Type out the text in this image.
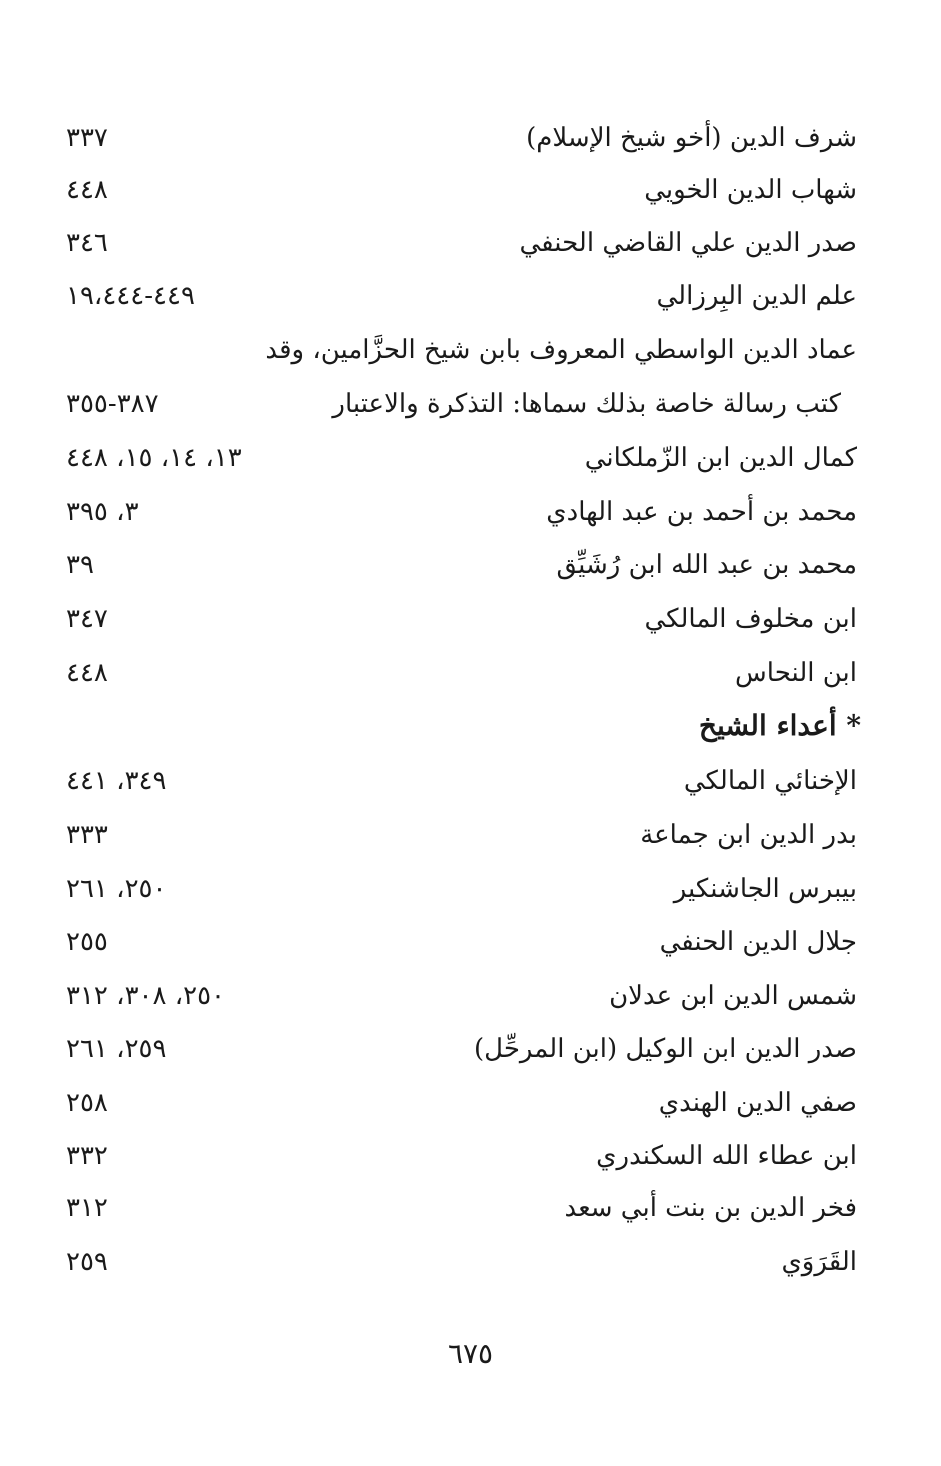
شرف الدين (أخو شيخ الإسلام)
٣٣٧
شهاب الدين الخويي
٤٤٨
صدر الدين علي القاضي الحنفي
٣٤٦
علم الدين البِرزالي
٤٤٩-١٩،٤٤٤
عماد الدين الواسطي المعروف بابن شيخ الحزَّامين، وقد
كتب رسالة خاصة بذلك سماها: التذكرة والاعتبار
٣٨٧-٣٥٥
كمال الدين ابن الزّملكاني
١٣، ١٤، ١٥، ٤٤٨
محمد بن أحمد بن عبد الهادي
٣، ٣٩٥
محمد بن عبد الله ابن رُشَيِّق
٣٩
ابن مخلوف المالكي
٣٤٧
ابن النحاس
٤٤٨
* أعداء الشيخ
الإخنائي المالكي
٣٤٩، ٤٤١
بدر الدين ابن جماعة
٣٣٣
بيبرس الجاشنكير
٢٥٠، ٢٦١
جلال الدين الحنفي
٢٥٥
شمس الدين ابن عدلان
٢٥٠، ٣٠٨، ٣١٢
صدر الدين ابن الوكيل (ابن المرحِّل)
٢٥٩، ٢٦١
صفي الدين الهندي
٢٥٨
ابن عطاء الله السكندري
٣٣٢
فخر الدين بن بنت أبي سعد
٣١٢
القَرَوَي
٢٥٩
٦٧٥
